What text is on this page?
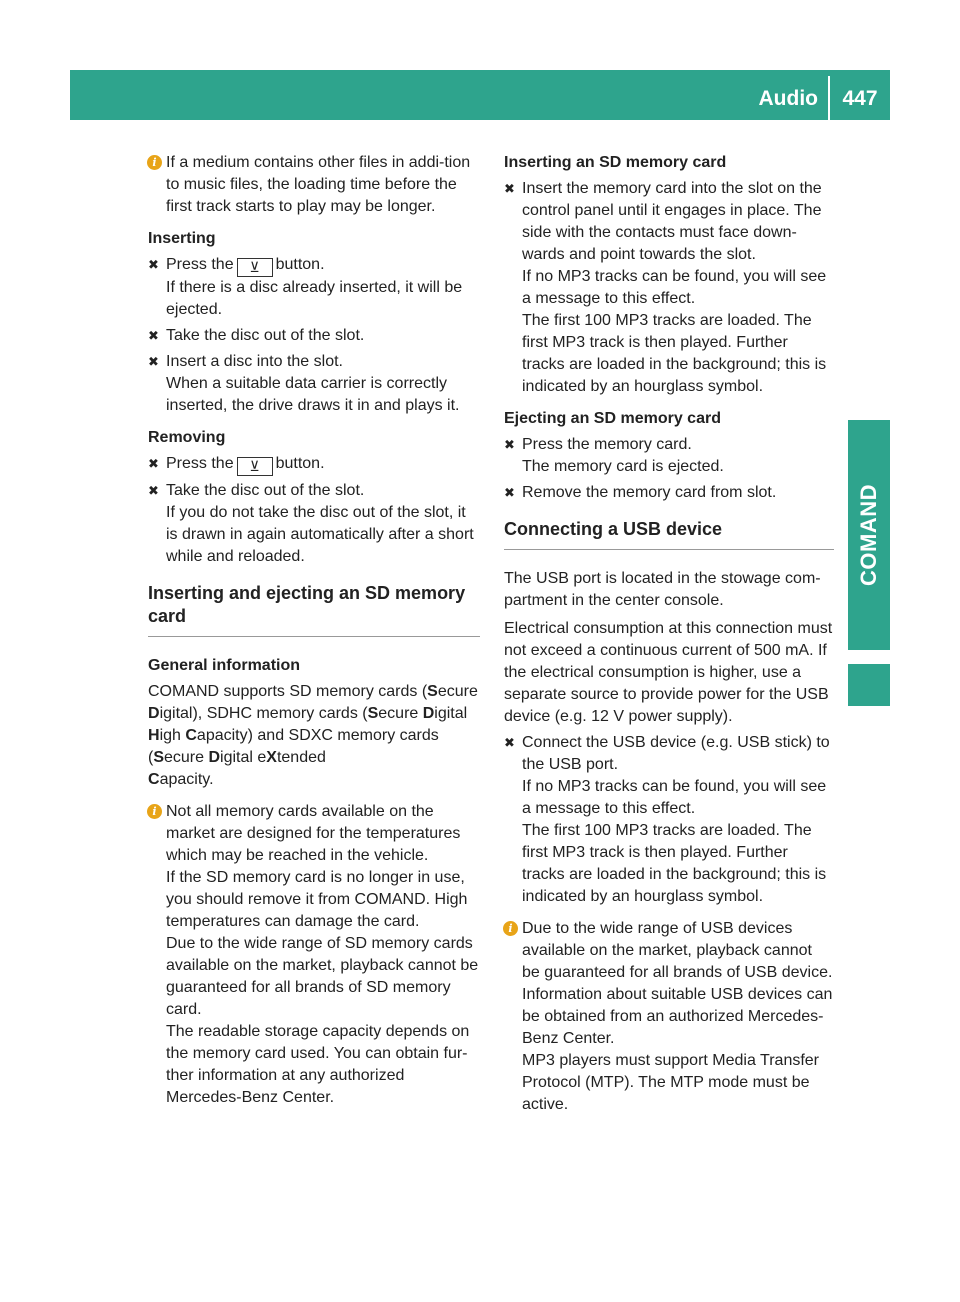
Audio	447
COMAND
i If a medium contains other files in addi-tion to music files, the loading time before the first track starts to play may be longer.

Inserting
✖ Press the ⊻ button.

If there is a disc already inserted, it will be ejected.

✖ Take the disc out of the slot.

✖ Insert a disc into the slot.

When a suitable data carrier is correctly inserted, the drive draws it in and plays it.

Removing
✖ Press the ⊻ button.

✖ Take the disc out of the slot.

If you do not take the disc out of the slot, it is drawn in again automatically after a short while and reloaded.

Inserting and ejecting an SD memory card
General information
COMAND supports SD memory cards (Secure Digital), SDHC memory cards (Secure Digital High Capacity) and SDXC memory cards (Secure Digital eXtended
Capacity.
i Not all memory cards available on the market are designed for the temperatures which may be reached in the vehicle.

If the SD memory card is no longer in use, you should remove it from COMAND. High temperatures can damage the card.

Due to the wide range of SD memory cards available on the market, playback cannot be guaranteed for all brands of SD memory card.

The readable storage capacity depends on the memory card used. You can obtain fur-ther information at any authorized Mercedes-Benz Center.

Inserting an SD memory card
✖ Insert the memory card into the slot on the control panel until it engages in place. The side with the contacts must face down-wards and point towards the slot.

If no MP3 tracks can be found, you will see a message to this effect.

The first 100 MP3 tracks are loaded. The first MP3 track is then played. Further tracks are loaded in the background; this is indicated by an hourglass symbol.

Ejecting an SD memory card
✖ Press the memory card.

The memory card is ejected.

✖ Remove the memory card from slot.

Connecting a USB device
The USB port is located in the stowage com-partment in the center console.
Electrical consumption at this connection must not exceed a continuous current of 500 mA. If the electrical consumption is higher, use a separate source to provide power for the USB device (e.g. 12 V power supply).
✖ Connect the USB device (e.g. USB stick) to the USB port.

If no MP3 tracks can be found, you will see a message to this effect.

The first 100 MP3 tracks are loaded. The first MP3 track is then played. Further tracks are loaded in the background; this is indicated by an hourglass symbol.

i Due to the wide range of USB devices available on the market, playback cannot be guaranteed for all brands of USB device.

Information about suitable USB devices can be obtained from an authorized Mercedes-Benz Center.

MP3 players must support Media Transfer Protocol (MTP). The MTP mode must be active.
